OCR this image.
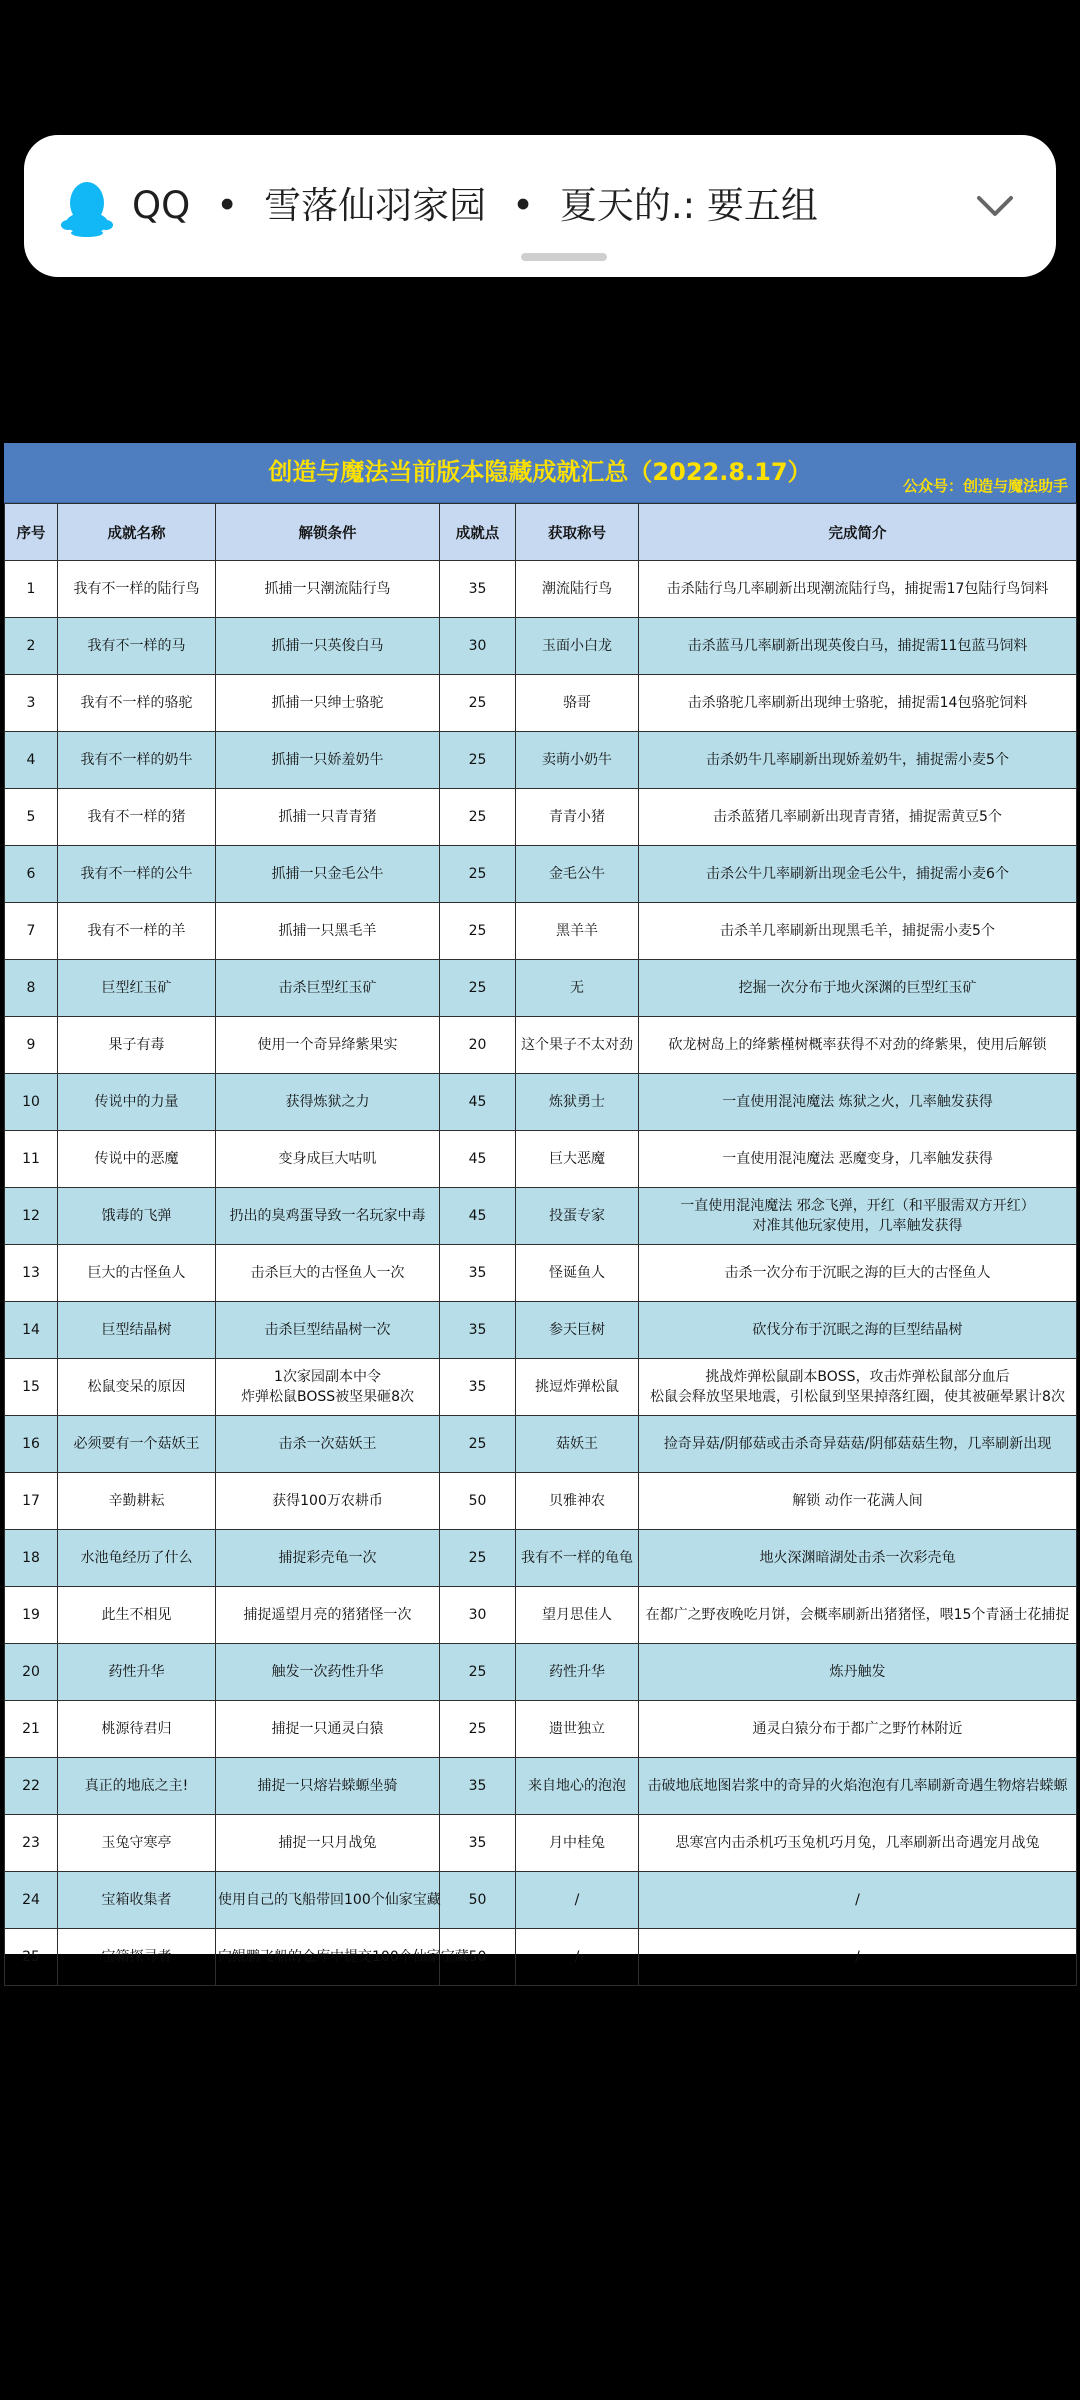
QQ • 雪落仙羽家园 • 夏天的.: 要五组
创造与魔法当前版本隐藏成就汇总（2022.8.17）	公众号：创造与魔法助手
序号	成就名称	解锁条件	成就点	获取称号	完成简介
1	我有不一样的陆行鸟	抓捕一只潮流陆行鸟	35	潮流陆行鸟	击杀陆行鸟几率刷新出现潮流陆行鸟，捕捉需17包陆行鸟饲料
2	我有不一样的马	抓捕一只英俊白马	30	玉面小白龙	击杀蓝马几率刷新出现英俊白马，捕捉需11包蓝马饲料
3	我有不一样的骆驼	抓捕一只绅士骆驼	25	骆哥	击杀骆驼几率刷新出现绅士骆驼，捕捉需14包骆驼饲料
4	我有不一样的奶牛	抓捕一只娇羞奶牛	25	卖萌小奶牛	击杀奶牛几率刷新出现娇羞奶牛，捕捉需小麦5个
5	我有不一样的猪	抓捕一只青青猪	25	青青小猪	击杀蓝猪几率刷新出现青青猪，捕捉需黄豆5个
6	我有不一样的公牛	抓捕一只金毛公牛	25	金毛公牛	击杀公牛几率刷新出现金毛公牛，捕捉需小麦6个
7	我有不一样的羊	抓捕一只黑毛羊	25	黑羊羊	击杀羊几率刷新出现黑毛羊，捕捉需小麦5个
8	巨型红玉矿	击杀巨型红玉矿	25	无	挖掘一次分布于地火深渊的巨型红玉矿
9	果子有毒	使用一个奇异绛紫果实	20	这个果子不太对劲	砍龙树岛上的绛紫槿树概率获得不对劲的绛紫果，使用后解锁
10	传说中的力量	获得炼狱之力	45	炼狱勇士	一直使用混沌魔法 炼狱之火，几率触发获得
11	传说中的恶魔	变身成巨大咕叽	45	巨大恶魔	一直使用混沌魔法 恶魔变身，几率触发获得
12	饿毒的飞弹	扔出的臭鸡蛋导致一名玩家中毒	45	投蛋专家	一直使用混沌魔法 邪念飞弹，开红（和平服需双方开红）
对准其他玩家使用，几率触发获得
13	巨大的古怪鱼人	击杀巨大的古怪鱼人一次	35	怪诞鱼人	击杀一次分布于沉眠之海的巨大的古怪鱼人
14	巨型结晶树	击杀巨型结晶树一次	35	参天巨树	砍伐分布于沉眠之海的巨型结晶树
15	松鼠变呆的原因	1次家园副本中令
炸弹松鼠BOSS被坚果砸8次	35	挑逗炸弹松鼠	挑战炸弹松鼠副本BOSS，攻击炸弹松鼠部分血后
松鼠会释放坚果地震，引松鼠到坚果掉落红圈，使其被砸晕累计8次
16	必须要有一个菇妖王	击杀一次菇妖王	25	菇妖王	捡奇异菇/阴郁菇或击杀奇异菇菇/阴郁菇菇生物，几率刷新出现
17	辛勤耕耘	获得100万农耕币	50	贝雅神农	解锁 动作一花满人间
18	水池龟经历了什么	捕捉彩壳龟一次	25	我有不一样的龟龟	地火深渊暗湖处击杀一次彩壳龟
19	此生不相见	捕捉遥望月亮的猪猪怪一次	30	望月思佳人	在都广之野夜晚吃月饼，会概率刷新出猪猪怪，喂15个青涵士花捕捉
20	药性升华	触发一次药性升华	25	药性升华	炼丹触发
21	桃源待君归	捕捉一只通灵白猿	25	遗世独立	通灵白猿分布于都广之野竹林附近
22	真正的地底之主!	捕捉一只熔岩蝾螈坐骑	35	来自地心的泡泡	击破地底地图岩浆中的奇异的火焰泡泡有几率刷新奇遇生物熔岩蝾螈
23	玉兔守寒亭	捕捉一只月战兔	35	月中桂兔	思寒宫内击杀机巧玉兔机巧月兔，几率刷新出奇遇宠月战兔
24	宝箱收集者	使用自己的飞船带回100个仙家宝藏	50	/	/
25	宝箱探寻者	向鲲鹏飞船的仓库中提交100个仙家宝藏	50	/	/
